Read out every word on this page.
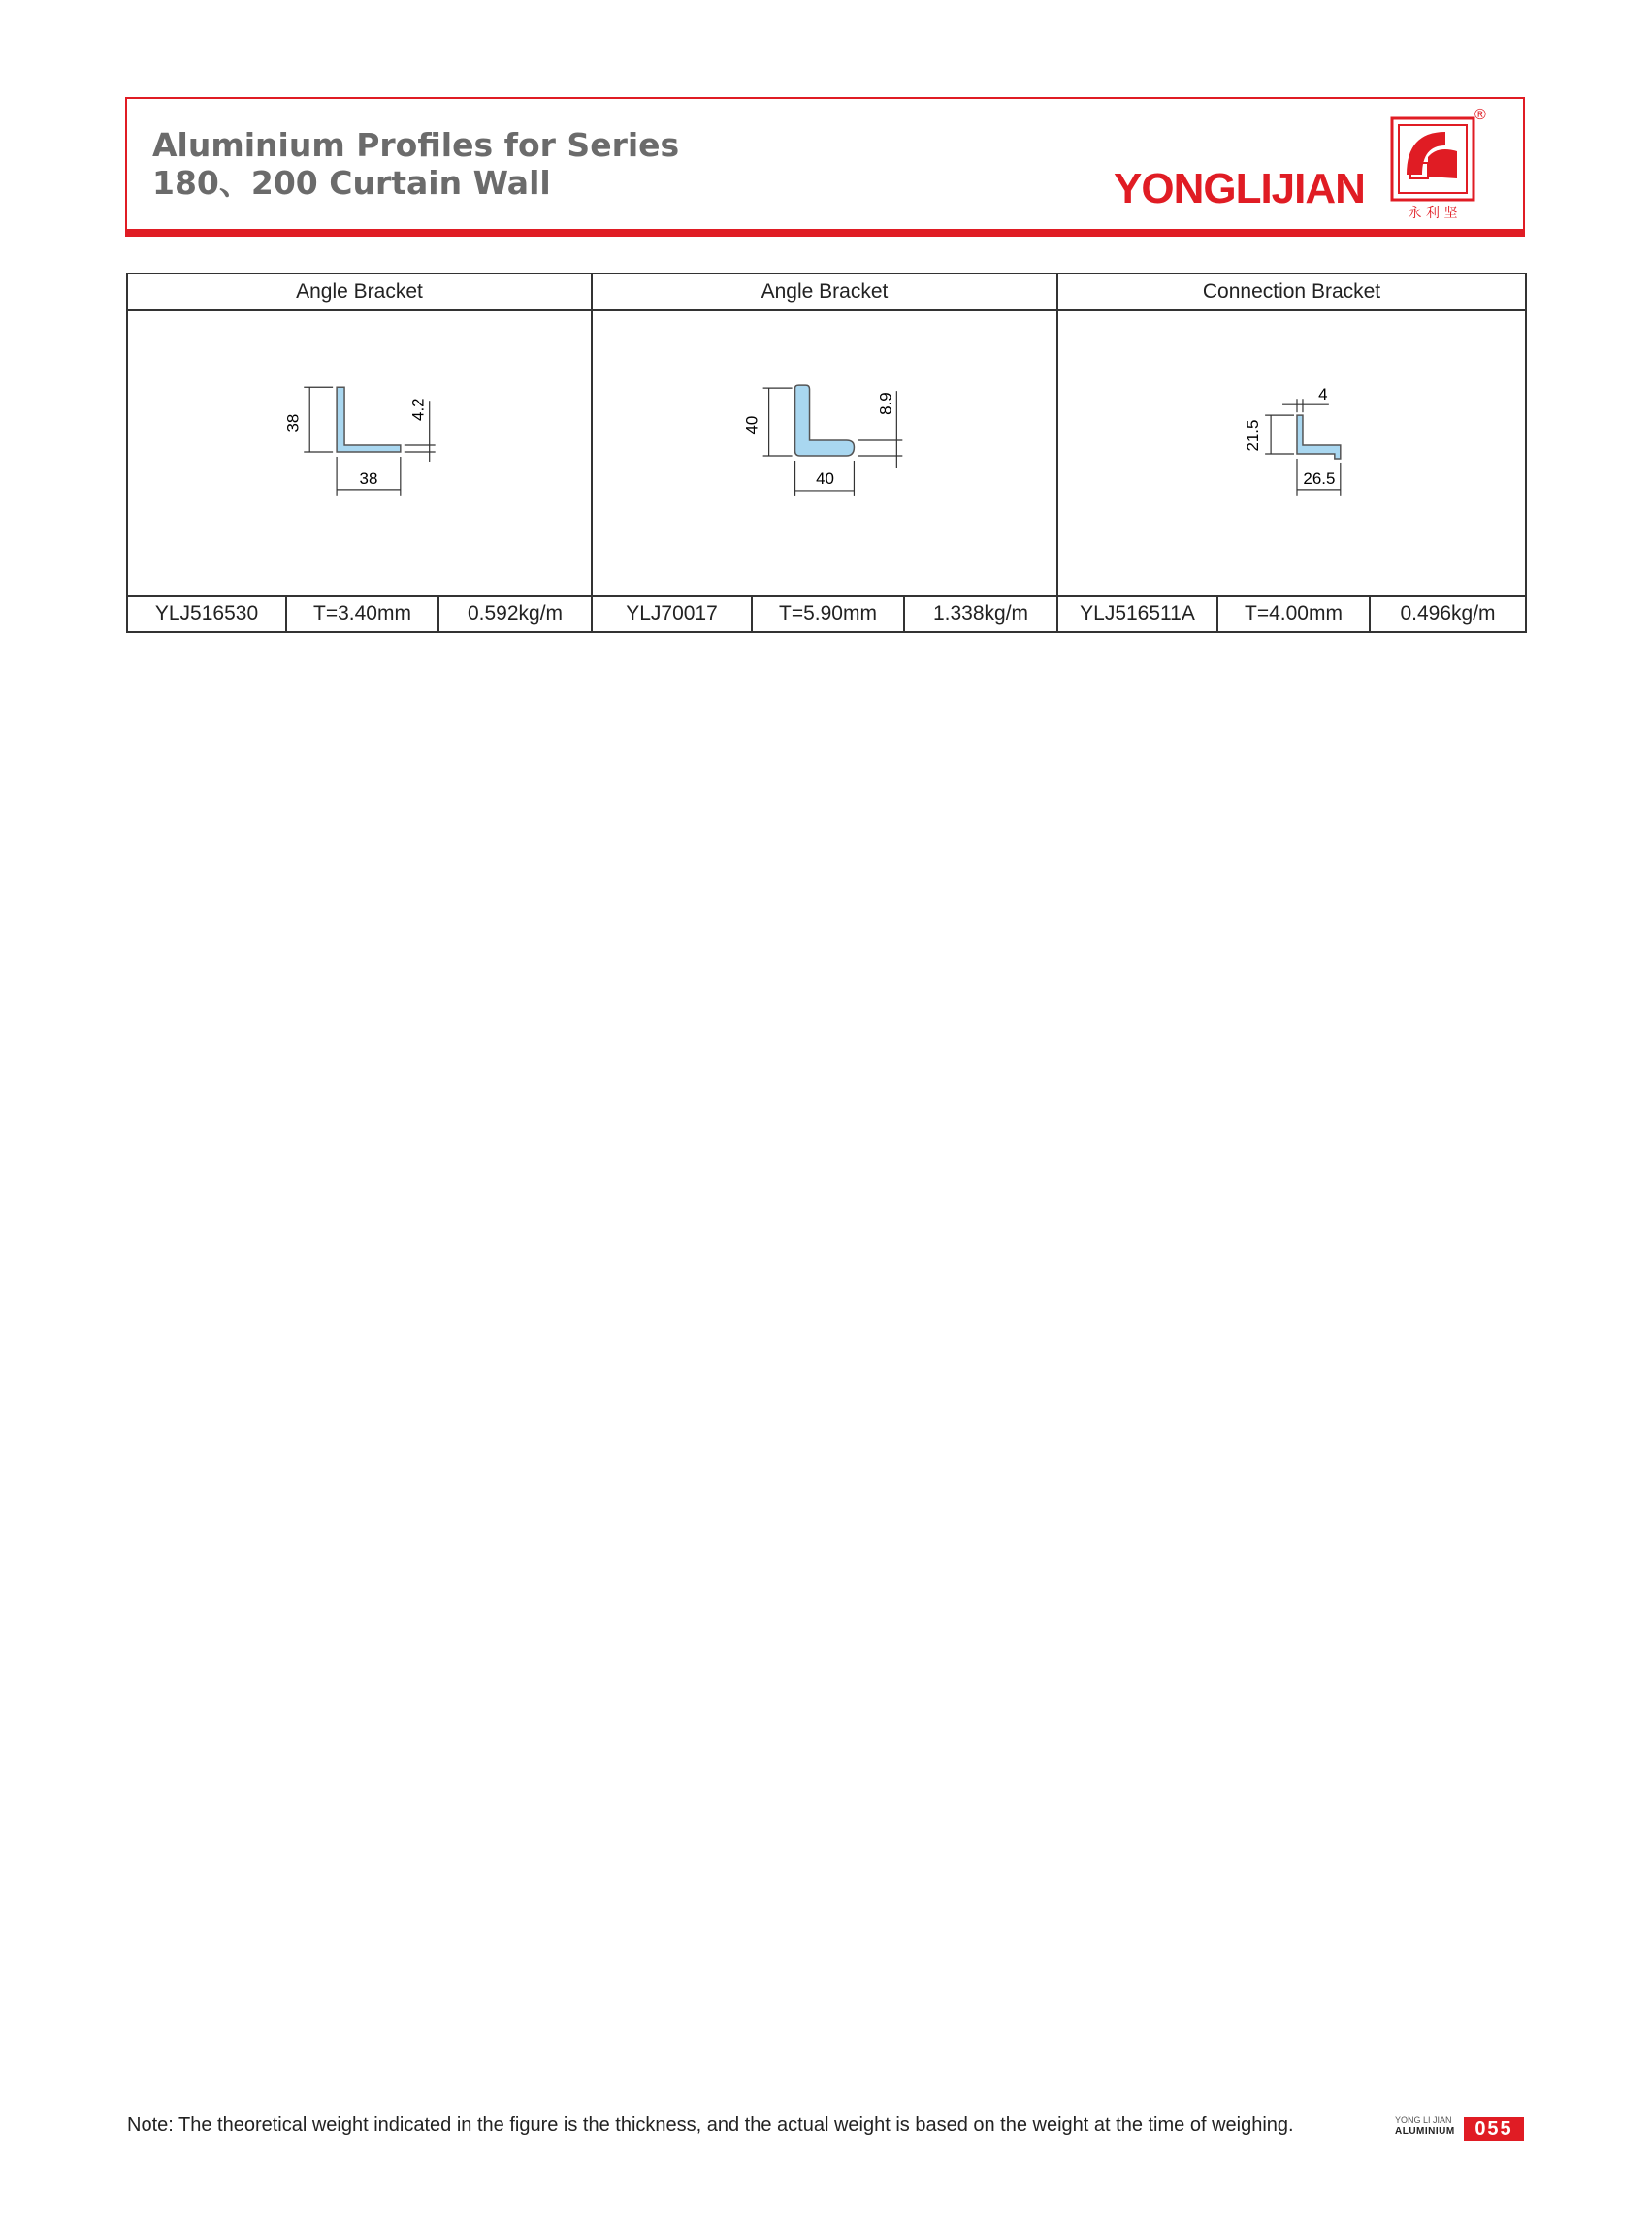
Aluminium Profiles for Series
180、200 Curtain Wall	YONGLIJIAN
永 利 坚
®
Angle Bracket			Angle Bracket			Connection Bracket		

38
38
4.2			40
40
8.9			4
21.5
26.5		

YLJ516530	T=3.40mm	0.592kg/m	YLJ70017	T=5.90mm	1.338kg/m	YLJ516511A	T=4.00mm	0.496kg/m
Note: The theoretical weight indicated in the figure is the thickness, and the actual weight is based on the weight at the time of weighing.	YONG LI JIAN
ALUMINIUM	055
